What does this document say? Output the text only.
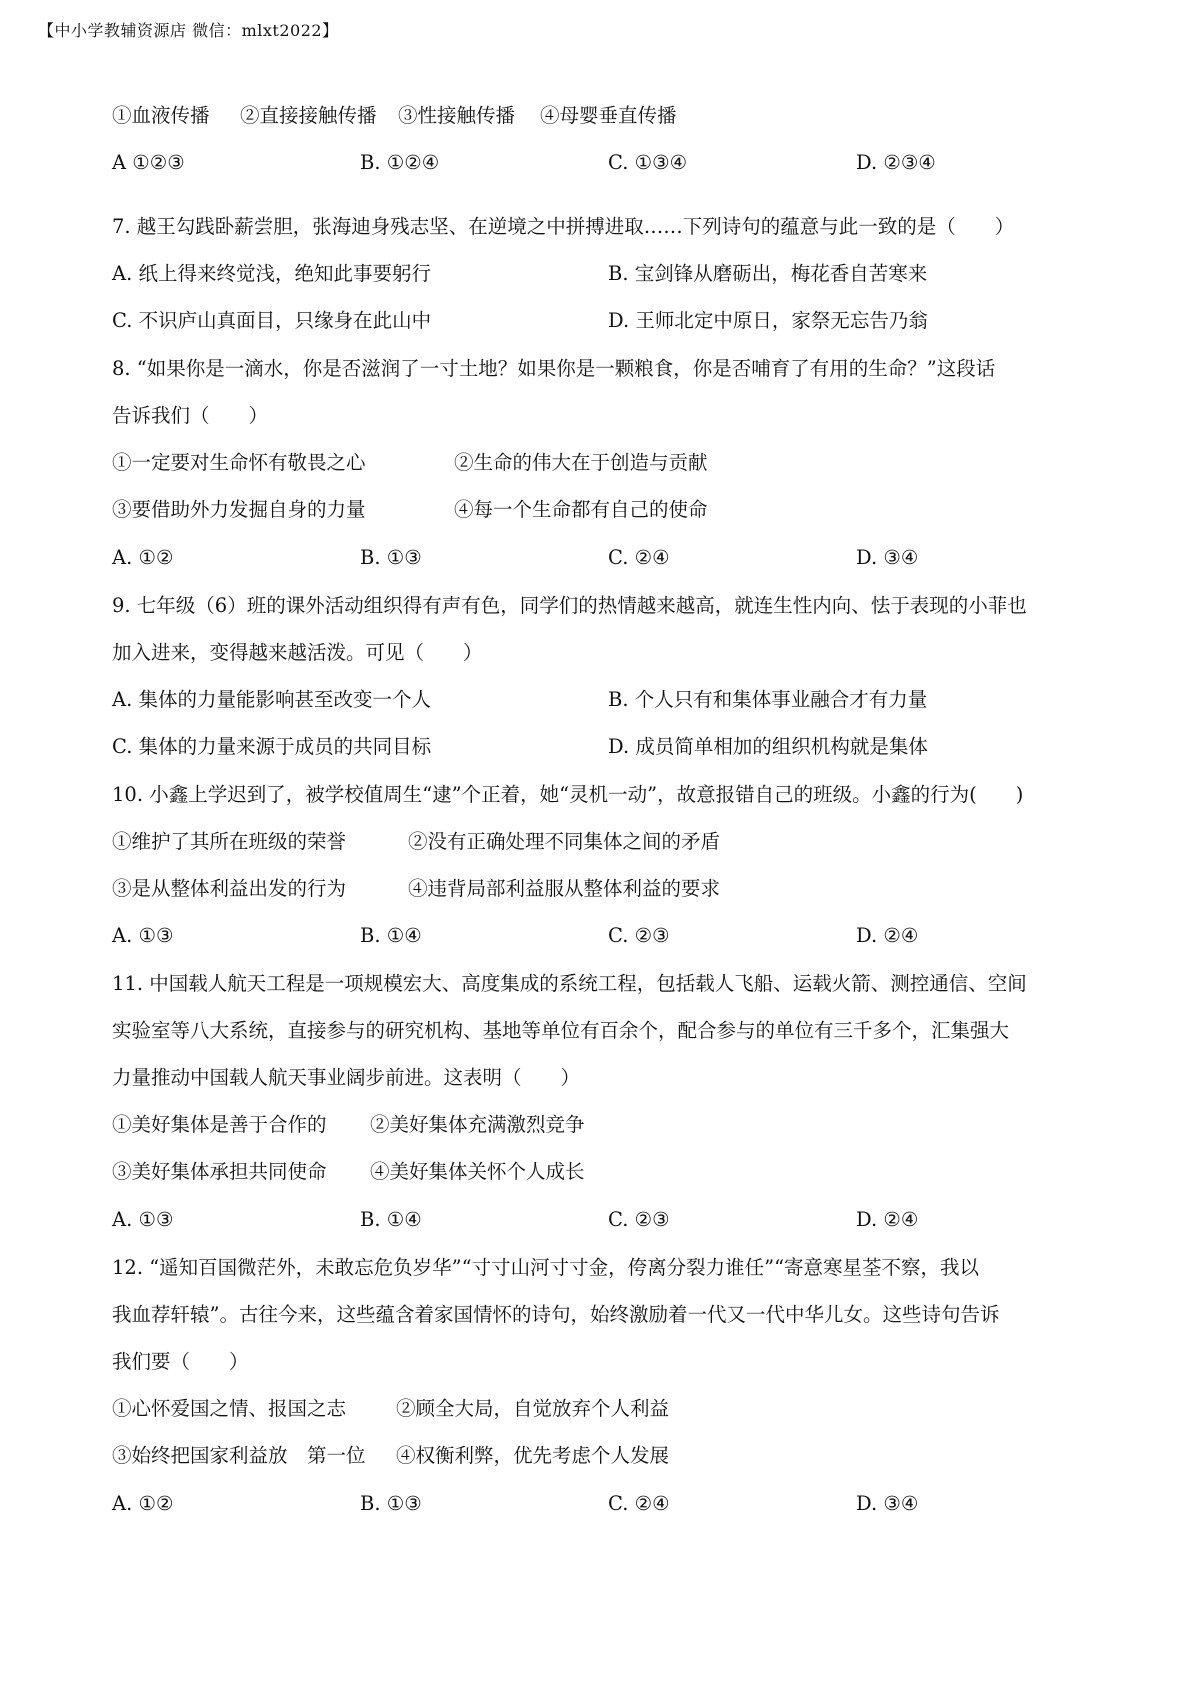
【中小学教辅资源店 微信：mlxt2022】
①血液传播 ②直接接触传播 ③性接触传播 ④母婴垂直传播
A ①②③	B. ①②④	C. ①③④	D. ②③④
7. 越王勾践卧薪尝胆，张海迪身残志坚、在逆境之中拼搏进取……下列诗句的蕴意与此一致的是（　　）
A. 纸上得来终觉浅，绝知此事要躬行	B. 宝剑锋从磨砺出，梅花香自苦寒来
C. 不识庐山真面目，只缘身在此山中	D. 王师北定中原日，家祭无忘告乃翁
8. “如果你是一滴水，你是否滋润了一寸土地？如果你是一颗粮食，你是否哺育了有用的生命？”这段话
告诉我们（　　）
①一定要对生命怀有敬畏之心	②生命的伟大在于创造与贡献
③要借助外力发掘自身的力量	④每一个生命都有自己的使命
A. ①②	B. ①③	C. ②④	D. ③④
9. 七年级（6）班的课外活动组织得有声有色，同学们的热情越来越高，就连生性内向、怯于表现的小菲也
加入进来，变得越来越活泼。可见（　　）
A. 集体的力量能影响甚至改变一个人	B. 个人只有和集体事业融合才有力量
C. 集体的力量来源于成员的共同目标	D. 成员简单相加的组织机构就是集体
10. 小鑫上学迟到了，被学校值周生“逮”个正着，她“灵机一动”，故意报错自己的班级。小鑫的行为(　　)
①维护了其所在班级的荣誉	②没有正确处理不同集体之间的矛盾
③是从整体利益出发的行为	④违背局部利益服从整体利益的要求
A. ①③	B. ①④	C. ②③	D. ②④
11. 中国载人航天工程是一项规模宏大、高度集成的系统工程，包括载人飞船、运载火箭、测控通信、空间
实验室等八大系统，直接参与的研究机构、基地等单位有百余个，配合参与的单位有三千多个，汇集强大
力量推动中国载人航天事业阔步前进。这表明（　　）
①美好集体是善于合作的 ②美好集体充满激烈竞争
③美好集体承担共同使命 ④美好集体关怀个人成长
A. ①③	B. ①④	C. ②③	D. ②④
12. “遥知百国微茫外，未敢忘危负岁华”“寸寸山河寸寸金，侉离分裂力谁任”“寄意寒星荃不察，我以
我血荐轩辕”。古往今来，这些蕴含着家国情怀的诗句，始终激励着一代又一代中华儿女。这些诗句告诉
我们要（　　）
①心怀爱国之情、报国之志	②顾全大局，自觉放弃个人利益
③始终把国家利益放　第一位 ④权衡利弊，优先考虑个人发展
A. ①②	B. ①③	C. ②④	D. ③④
